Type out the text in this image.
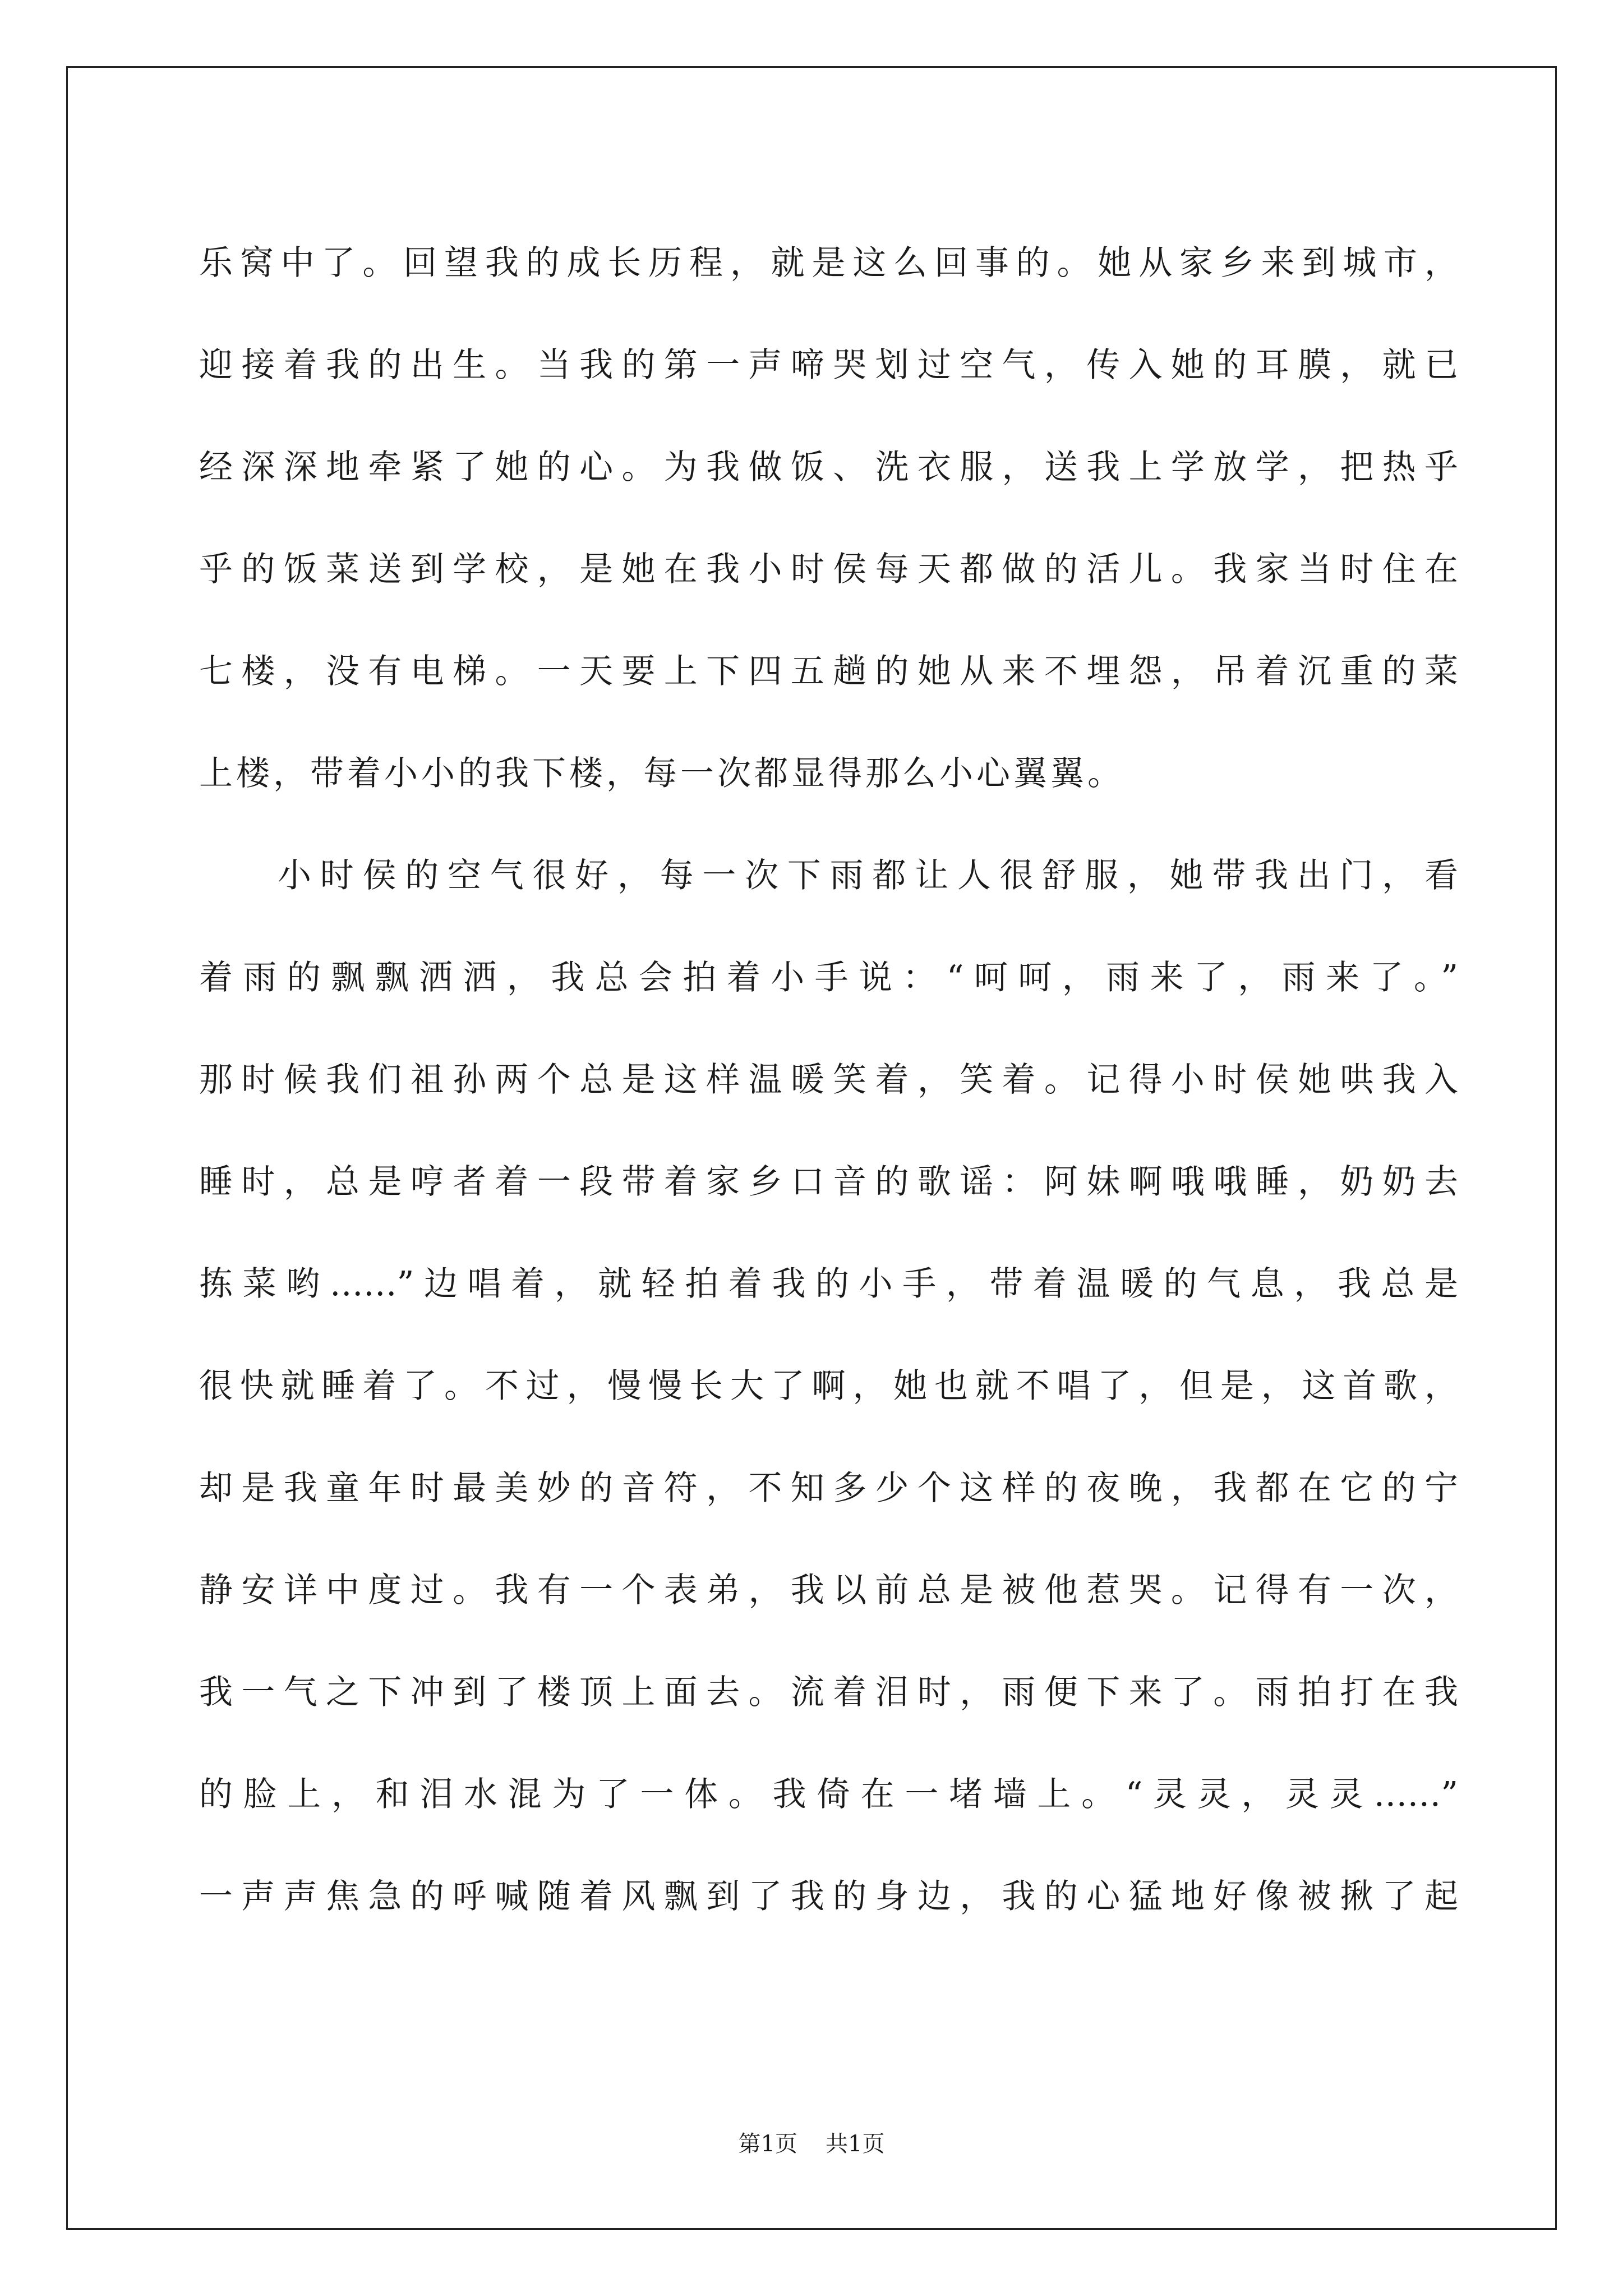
乐窝中了。回望我的成长历程，就是这么回事的。她从家乡来到城市，
迎接着我的出生。当我的第一声啼哭划过空气，传入她的耳膜，就已
经深深地牵紧了她的心。为我做饭、洗衣服，送我上学放学，把热乎
乎的饭菜送到学校，是她在我小时侯每天都做的活儿。我家当时住在
七楼，没有电梯。一天要上下四五趟的她从来不埋怨，吊着沉重的菜
上楼，带着小小的我下楼，每一次都显得那么小心翼翼。
小时侯的空气很好，每一次下雨都让人很舒服，她带我出门，看
着雨的飘飘洒洒，我总会拍着小手说：“呵呵，雨来了，雨来了。”
那时候我们祖孙两个总是这样温暖笑着，笑着。记得小时侯她哄我入
睡时，总是哼者着一段带着家乡口音的歌谣：阿妹啊哦哦睡，奶奶去
拣菜哟……”边唱着，就轻拍着我的小手，带着温暖的气息，我总是
很快就睡着了。不过，慢慢长大了啊，她也就不唱了，但是，这首歌，
却是我童年时最美妙的音符，不知多少个这样的夜晚，我都在它的宁
静安详中度过。我有一个表弟，我以前总是被他惹哭。记得有一次，
我一气之下冲到了楼顶上面去。流着泪时，雨便下来了。雨拍打在我
的脸上，和泪水混为了一体。我倚在一堵墙上。“灵灵，灵灵……”
一声声焦急的呼喊随着风飘到了我的身边，我的心猛地好像被揪了起
第1页 共1页
